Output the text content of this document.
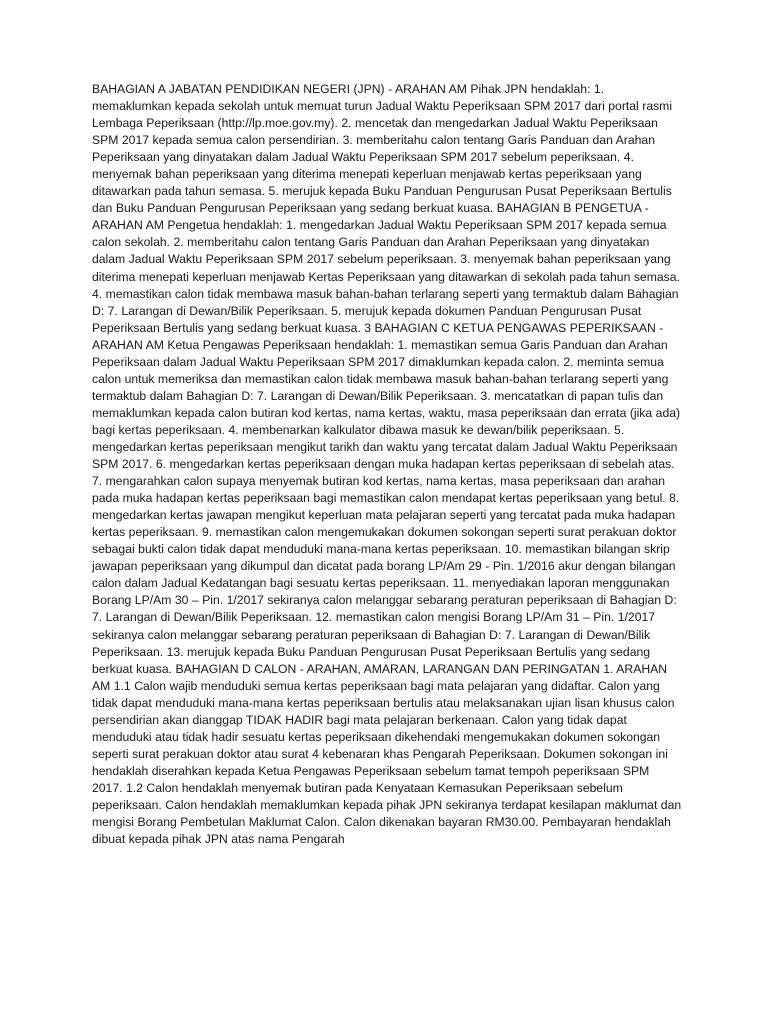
BAHAGIAN A JABATAN PENDIDIKAN NEGERI (JPN) - ARAHAN AM Pihak JPN hendaklah: 1. memaklumkan kepada sekolah untuk memuat turun Jadual Waktu Peperiksaan SPM 2017 dari portal rasmi Lembaga Peperiksaan (http://lp.moe.gov.my). 2. mencetak dan mengedarkan Jadual Waktu Peperiksaan SPM 2017 kepada semua calon persendirian. 3. memberitahu calon tentang Garis Panduan dan Arahan Peperiksaan yang dinyatakan dalam Jadual Waktu Peperiksaan SPM 2017 sebelum peperiksaan. 4. menyemak bahan peperiksaan yang diterima menepati keperluan menjawab kertas peperiksaan yang ditawarkan pada tahun semasa. 5. merujuk kepada Buku Panduan Pengurusan Pusat Peperiksaan Bertulis dan Buku Panduan Pengurusan Peperiksaan yang sedang berkuat kuasa. BAHAGIAN B PENGETUA - ARAHAN AM Pengetua hendaklah: 1. mengedarkan Jadual Waktu Peperiksaan SPM 2017 kepada semua calon sekolah. 2. memberitahu calon tentang Garis Panduan dan Arahan Peperiksaan yang dinyatakan dalam Jadual Waktu Peperiksaan SPM 2017 sebelum peperiksaan. 3. menyemak bahan peperiksaan yang diterima menepati keperluan menjawab Kertas Peperiksaan yang ditawarkan di sekolah pada tahun semasa. 4. memastikan calon tidak membawa masuk bahan-bahan terlarang seperti yang termaktub dalam Bahagian D: 7. Larangan di Dewan/Bilik Peperiksaan. 5. merujuk kepada dokumen Panduan Pengurusan Pusat Peperiksaan Bertulis yang sedang berkuat kuasa. 3 BAHAGIAN C KETUA PENGAWAS PEPERIKSAAN - ARAHAN AM Ketua Pengawas Peperiksaan hendaklah: 1. memastikan semua Garis Panduan dan Arahan Peperiksaan dalam Jadual Waktu Peperiksaan SPM 2017 dimaklumkan kepada calon. 2. meminta semua calon untuk memeriksa dan memastikan calon tidak membawa masuk bahan-bahan terlarang seperti yang termaktub dalam Bahagian D: 7. Larangan di Dewan/Bilik Peperiksaan. 3. mencatatkan di papan tulis dan memaklumkan kepada calon butiran kod kertas, nama kertas, waktu, masa peperiksaan dan errata (jika ada) bagi kertas peperiksaan. 4. membenarkan kalkulator dibawa masuk ke dewan/bilik peperiksaan. 5. mengedarkan kertas peperiksaan mengikut tarikh dan waktu yang tercatat dalam Jadual Waktu Peperiksaan SPM 2017. 6. mengedarkan kertas peperiksaan dengan muka hadapan kertas peperiksaan di sebelah atas. 7. mengarahkan calon supaya menyemak butiran kod kertas, nama kertas, masa peperiksaan dan arahan pada muka hadapan kertas peperiksaan bagi memastikan calon mendapat kertas peperiksaan yang betul. 8. mengedarkan kertas jawapan mengikut keperluan mata pelajaran seperti yang tercatat pada muka hadapan kertas peperiksaan. 9. memastikan calon mengemukakan dokumen sokongan seperti surat perakuan doktor sebagai bukti calon tidak dapat menduduki mana-mana kertas peperiksaan. 10. memastikan bilangan skrip jawapan peperiksaan yang dikumpul dan dicatat pada borang LP/Am 29 - Pin. 1/2016 akur dengan bilangan calon dalam Jadual Kedatangan bagi sesuatu kertas peperiksaan. 11. menyediakan laporan menggunakan Borang LP/Am 30 – Pin. 1/2017 sekiranya calon melanggar sebarang peraturan peperiksaan di Bahagian D: 7. Larangan di Dewan/Bilik Peperiksaan. 12. memastikan calon mengisi Borang LP/Am 31 – Pin. 1/2017 sekiranya calon melanggar sebarang peraturan peperiksaan di Bahagian D: 7. Larangan di Dewan/Bilik Peperiksaan. 13. merujuk kepada Buku Panduan Pengurusan Pusat Peperiksaan Bertulis yang sedang berkuat kuasa. BAHAGIAN D CALON - ARAHAN, AMARAN, LARANGAN DAN PERINGATAN 1. ARAHAN AM 1.1 Calon wajib menduduki semua kertas peperiksaan bagi mata pelajaran yang didaftar. Calon yang tidak dapat menduduki mana-mana kertas peperiksaan bertulis atau melaksanakan ujian lisan khusus calon persendirian akan dianggap TIDAK HADIR bagi mata pelajaran berkenaan. Calon yang tidak dapat menduduki atau tidak hadir sesuatu kertas peperiksaan dikehendaki mengemukakan dokumen sokongan seperti surat perakuan doktor atau surat 4 kebenaran khas Pengarah Peperiksaan. Dokumen sokongan ini hendaklah diserahkan kepada Ketua Pengawas Peperiksaan sebelum tamat tempoh peperiksaan SPM 2017. 1.2 Calon hendaklah menyemak butiran pada Kenyataan Kemasukan Peperiksaan sebelum peperiksaan. Calon hendaklah memaklumkan kepada pihak JPN sekiranya terdapat kesilapan maklumat dan mengisi Borang Pembetulan Maklumat Calon. Calon dikenakan bayaran RM30.00. Pembayaran hendaklah dibuat kepada pihak JPN atas nama Pengarah
